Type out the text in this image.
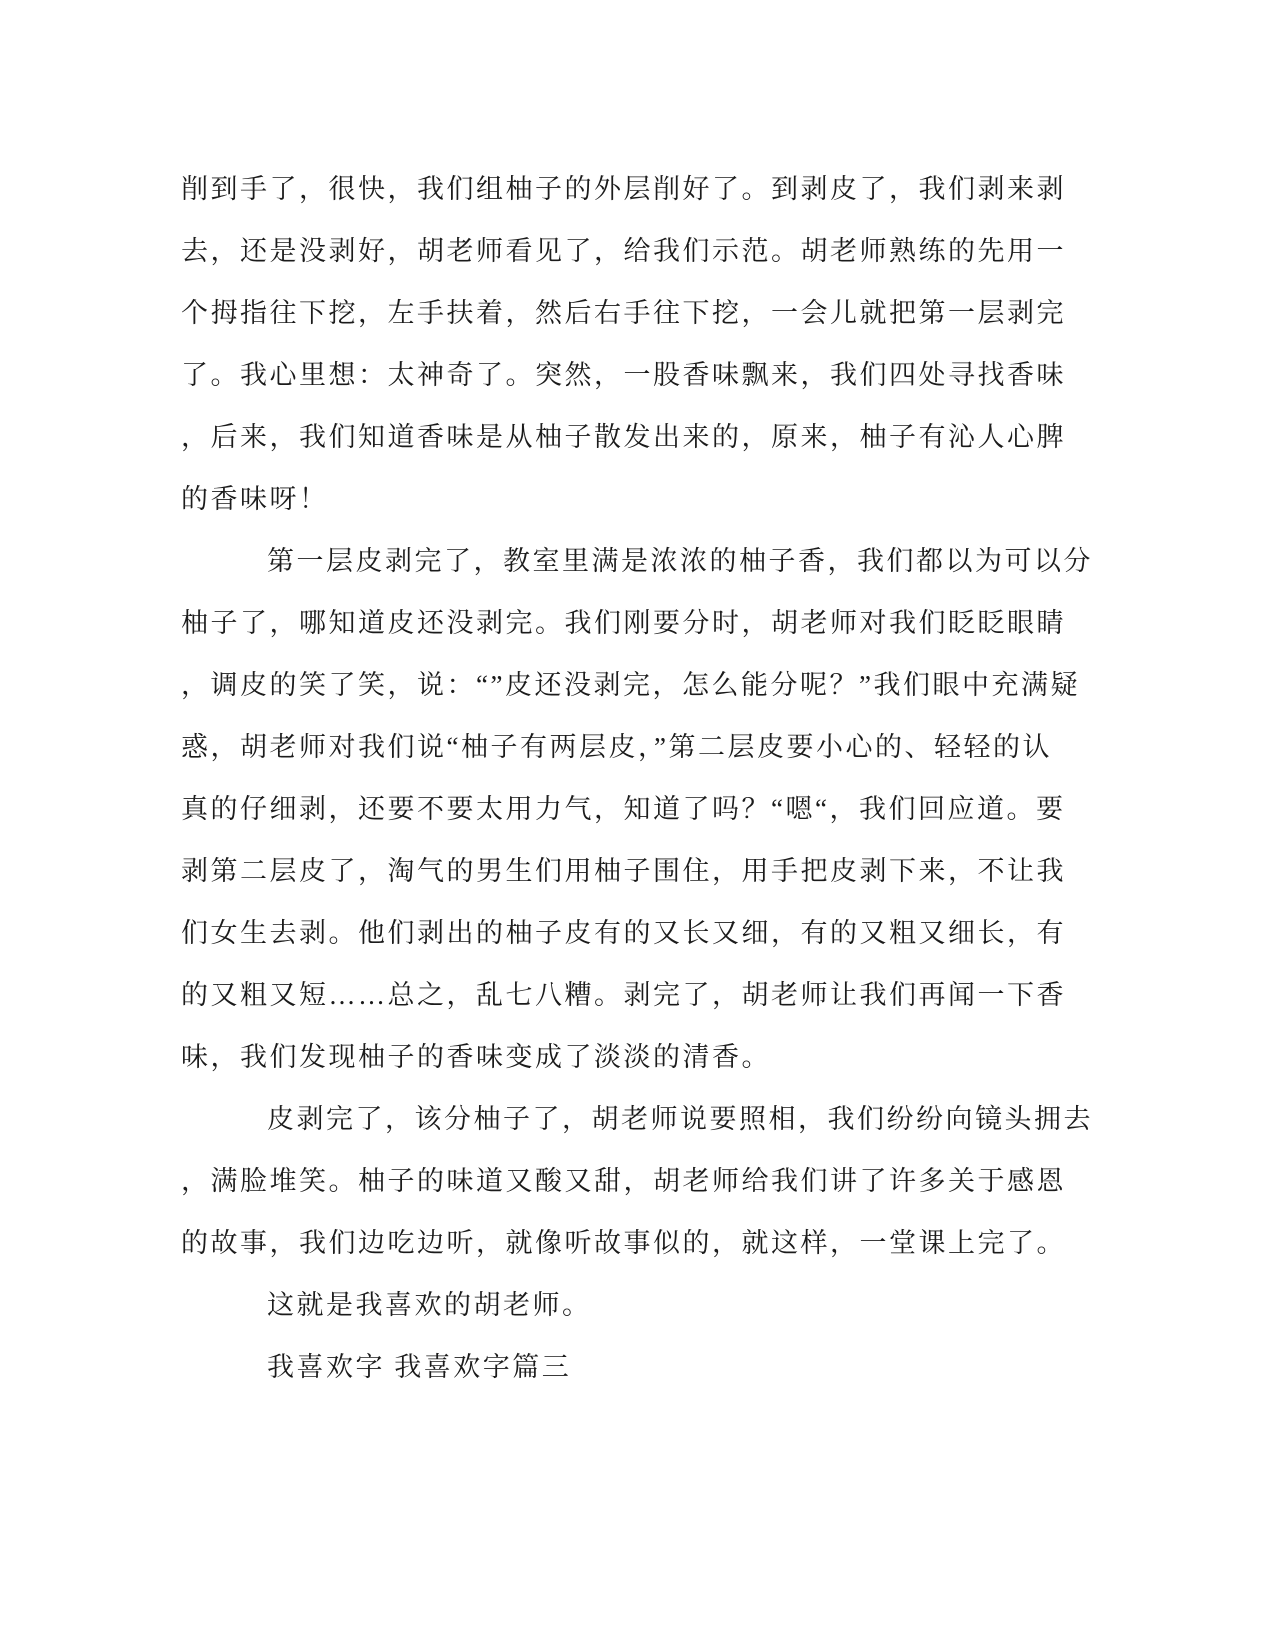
削到手了，很快，我们组柚子的外层削好了。到剥皮了，我们剥来剥
去，还是没剥好，胡老师看见了，给我们示范。胡老师熟练的先用一
个拇指往下挖，左手扶着，然后右手往下挖，一会儿就把第一层剥完
了。我心里想：太神奇了。突然，一股香味飘来，我们四处寻找香味
，后来，我们知道香味是从柚子散发出来的，原来，柚子有沁人心脾
的香味呀！
第一层皮剥完了，教室里满是浓浓的柚子香，我们都以为可以分
柚子了，哪知道皮还没剥完。我们刚要分时，胡老师对我们眨眨眼睛
，调皮的笑了笑，说：“”皮还没剥完，怎么能分呢？”我们眼中充满疑
惑，胡老师对我们说“柚子有两层皮，”第二层皮要小心的、轻轻的认
真的仔细剥，还要不要太用力气，知道了吗？“嗯“，我们回应道。要
剥第二层皮了，淘气的男生们用柚子围住，用手把皮剥下来，不让我
们女生去剥。他们剥出的柚子皮有的又长又细，有的又粗又细长，有
的又粗又短……总之，乱七八糟。剥完了，胡老师让我们再闻一下香
味，我们发现柚子的香味变成了淡淡的清香。
皮剥完了，该分柚子了，胡老师说要照相，我们纷纷向镜头拥去
，满脸堆笑。柚子的味道又酸又甜，胡老师给我们讲了许多关于感恩
的故事，我们边吃边听，就像听故事似的，就这样，一堂课上完了。
这就是我喜欢的胡老师。
我喜欢字 我喜欢字篇三
